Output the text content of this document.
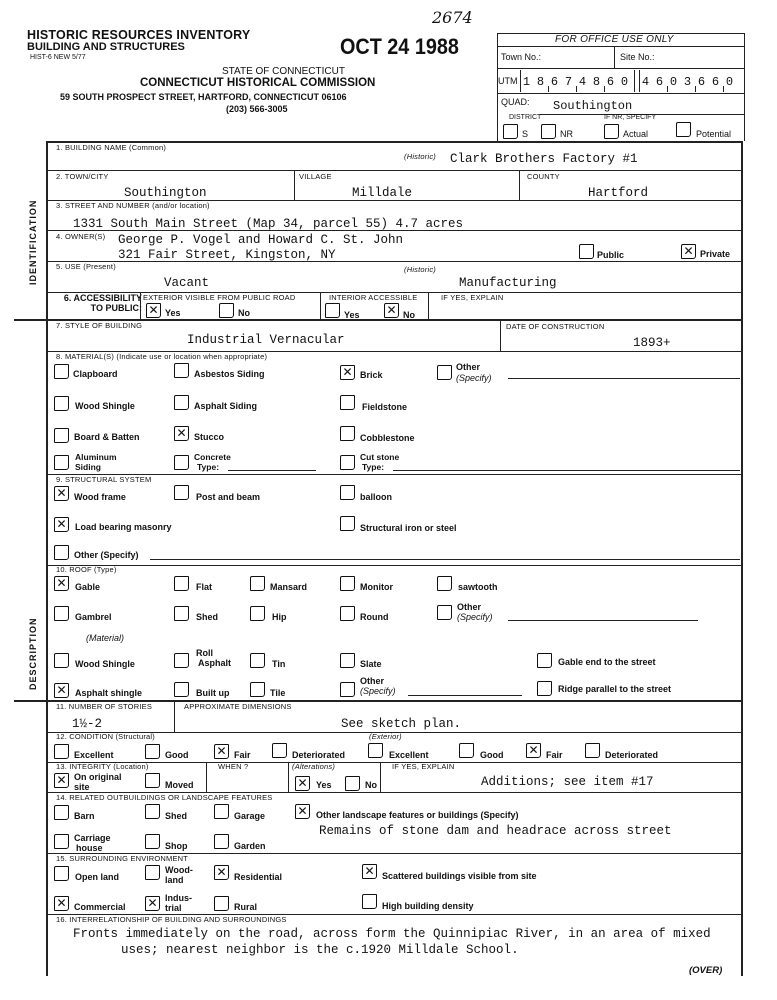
HISTORIC RESOURCES INVENTORY
BUILDING AND STRUCTURES
HIST-6 NEW 5/77	OCT 24 1988
2674
STATE OF CONNECTICUT
CONNECTICUT HISTORICAL COMMISSION
59 SOUTH PROSPECT STREET, HARTFORD, CONNECTICUT 06106
(203) 566-3005
FOR OFFICE USE ONLY
Town No.:	Site No.:
UTM 1 8 6 7 4 8 6 0 4 6 0 3 6 6 0
QUAD: Southington
DISTRICT	IF NR, SPECIFY
S	NR	Actual	Potential
IDENTIFICATION
DESCRIPTION
1. BUILDING NAME (Common)
(Historic) Clark Brothers Factory #1
2. TOWN/CITY
Southington
VILLAGE
Milldale
COUNTY
Hartford
3. STREET AND NUMBER (and/or location)
1331 South Main Street (Map 34, parcel 55) 4.7 acres
4. OWNER(S) George P. Vogel and Howard C. St. John
321 Fair Street, Kingston, NY	Public	✕ Private
5. USE (Present)
Vacant
(Historic)
Manufacturing
6. ACCESSIBILITY TO PUBLIC:
EXTERIOR VISIBLE FROM PUBLIC ROAD
✕ Yes	No
INTERIOR ACCESSIBLE
Yes ✕ No
IF YES, EXPLAIN
7. STYLE OF BUILDING
Industrial Vernacular
DATE OF CONSTRUCTION
1893+
8. MATERIAL(S) (Indicate use or location when appropriate)
Clapboard	Asbestos Siding	✕ Brick
Other
(Specify)
Wood Shingle	Asphalt Siding	Fieldstone
Board & Batten	✕ Stucco	Cobblestone
Aluminum
Siding
Concrete
Type:
Cut stone
Type:
9. STRUCTURAL SYSTEM
✕ Wood frame	Post and beam	balloon
✕ Load bearing masonry	Structural iron or steel
Other (Specify)
10. ROOF (Type)
✕ Gable	Flat	Mansard	Monitor	sawtooth
Gambrel	Shed	Hip	Round
Other
(Specify)
(Material)
Wood Shingle
Roll
Asphalt	Tin	Slate	Gable end to the street
✕ Asphalt shingle	Built up	Tile
Other
(Specify)	Ridge parallel to the street
11. NUMBER OF STORIES
1½-2
APPROXIMATE DIMENSIONS
See sketch plan.
12. CONDITION (Structural)	(Exterior)
Excellent	Good ✕ Fair	Deteriorated	Excellent	Good ✕ Fair	Deteriorated
13. INTEGRITY (Location)	WHEN ?	(Alterations)	IF YES, EXPLAIN
✕ On original
site	Moved	✕ Yes	No	Additions; see item #17
14. RELATED OUTBUILDINGS OR LANDSCAPE FEATURES
Barn	Shed	Garage	✕ Other landscape features or buildings (Specify)
Remains of stone dam and headrace across street
Carriage
house	Shop	Garden
15. SURROUNDING ENVIRONMENT
Open land
Wood-
land
✕ Residential	✕ Scattered buildings visible from site
✕ Commercial ✕ Indus-
trial	Rural	High building density
16. INTERRELATIONSHIP OF BUILDING AND SURROUNDINGS
Fronts immediately on the road, across form the Quinnipiac River, in an area of mixed
uses; nearest neighbor is the c.1920 Milldale School.
(OVER)
